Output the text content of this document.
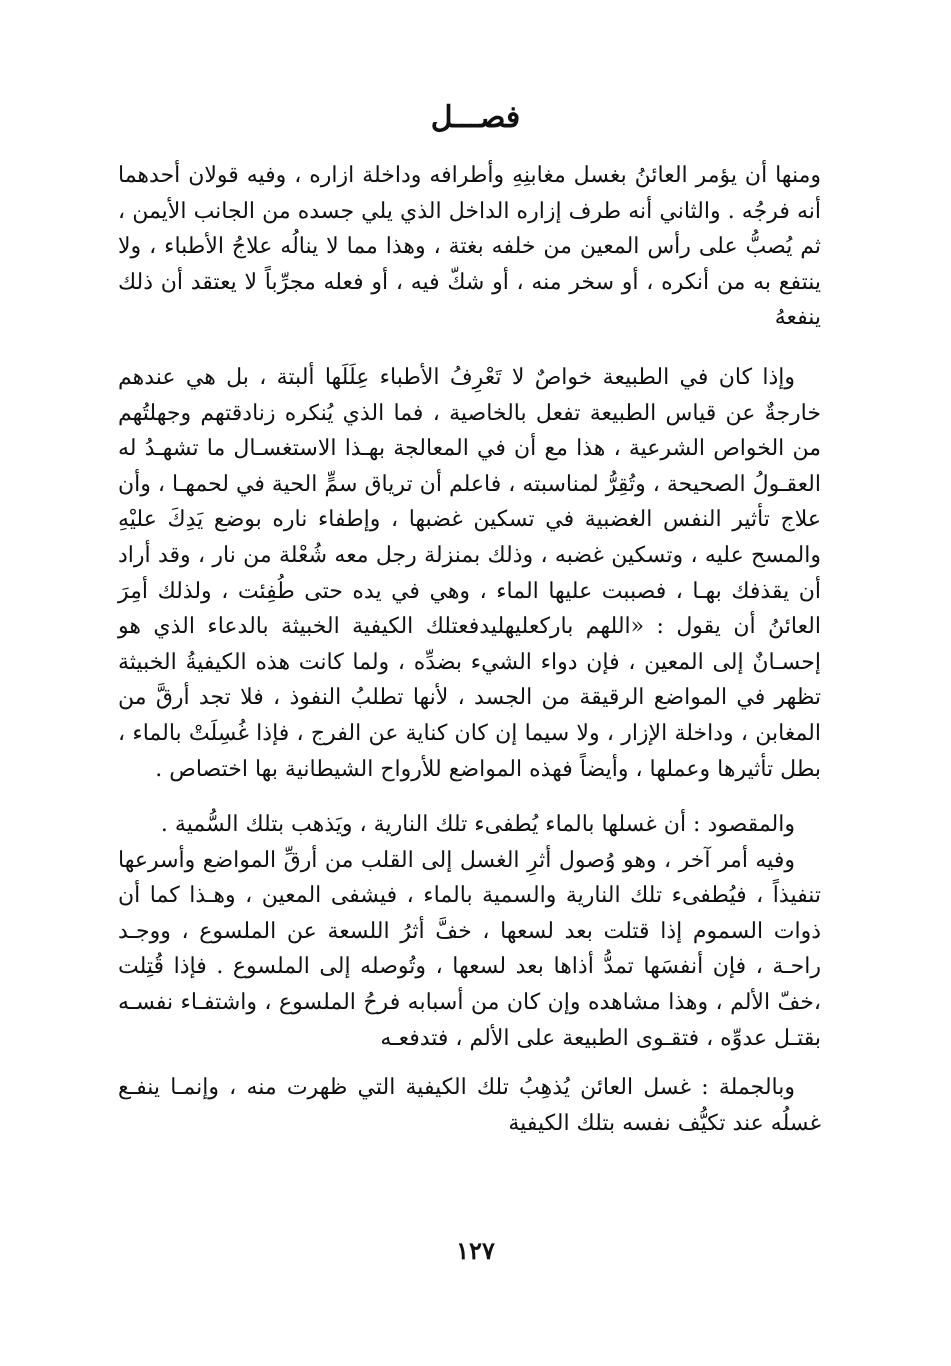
فصـــل

ومنها أن يؤمر العائنُ بغسل مغابنِهِ وأطرافه وداخلة ازاره ، وفيه قولان أحدهما أنه فرجُه . والثاني أنه طرف إزاره الداخل الذي يلي جسده من الجانب الأيمن ، ثم يُصبُّ على رأس المعين من خلفه بغتة ، وهذا مما لا ينالُه علاجُ الأطباء ، ولا ينتفع به من أنكره ، أو سخر منه ، أو شكّ فيه ، أو فعله مجرِّباً لا يعتقد أن ذلك ينفعهُ

وإذا كان في الطبيعة خواصٌ لا تَعْرِفُ الأطباء عِلَلَها ألبتة ، بل هي عندهم خارجةٌ عن قياس الطبيعة تفعل بالخاصية ، فما الذي يُنكره زنادقتهم وجهلتُهم من الخواص الشرعية ، هذا مع أن في المعالجة بهـذا الاستغسـال ما تشهـدُ له العقـولُ الصحيحة ، وتُقِرُّ لمناسبته ، فاعلم أن ترياق سمٍّ الحية في لحمهـا ، وأن علاج تأثير النفس الغضبية في تسكين غضبها ، وإطفاء ناره بوضع يَدِكَ عليْهِ والمسح عليه ، وتسكين غضبه ، وذلك بمنزلة رجل معه شُعْلة من نار ، وقد أراد أن يقذفك بهـا ، فصببت عليها الماء ، وهي في يده حتى طُفِئت ، ولذلك أمِرَ العائنُ أن يقول : «اللهم باركعليهليدفعتلك الكيفية الخبيثة بالدعاء الذي هو إحسـانٌ إلى المعين ، فإن دواء الشيء بضدِّه ، ولما كانت هذه الكيفيةُ الخبيثة تظهر في المواضع الرقيقة من الجسد ، لأنها تطلبُ النفوذ ، فلا تجد أرقَّ من المغابن ، وداخلة الإزار ، ولا سيما إن كان كناية عن الفرج ، فإذا غُسِلَتْ بالماء ، بطل تأثيرها وعملها ، وأيضاً فهذه المواضع للأرواح الشيطانية بها اختصاص .

والمقصود : أن غسلها بالماء يُطفىء تلك النارية ، ويَذهب بتلك السُّمية .

وفيه أمر آخر ، وهو وُصول أثرِ الغسل إلى القلب من أرقِّ المواضع وأسرعها تنفيذاً ، فيُطفىء تلك النارية والسمية بالماء ، فيشفى المعين ، وهـذا كما أن ذوات السموم إذا قتلت بعد لسعها ، خفَّ أثرُ اللسعة عن الملسوع ، ووجـد راحـة ، فإن أنفسَها تمدُّ أذاها بعد لسعها ، وتُوصله إلى الملسوع . فإذا قُتِلت ،خفّ الألم ، وهذا مشاهده وإن كان من أسبابه فرحُ الملسوع ، واشتفـاء نفسـه بقتـل عدوِّه ، فتقـوى الطبيعة على الألم ، فتدفعـه

وبالجملة : غسل العائن يُذهِبُ تلك الكيفية التي ظهرت منه ، وإنمـا ينفـع غسلُه عند تكيُّف نفسه بتلك الكيفية

١٢٧
